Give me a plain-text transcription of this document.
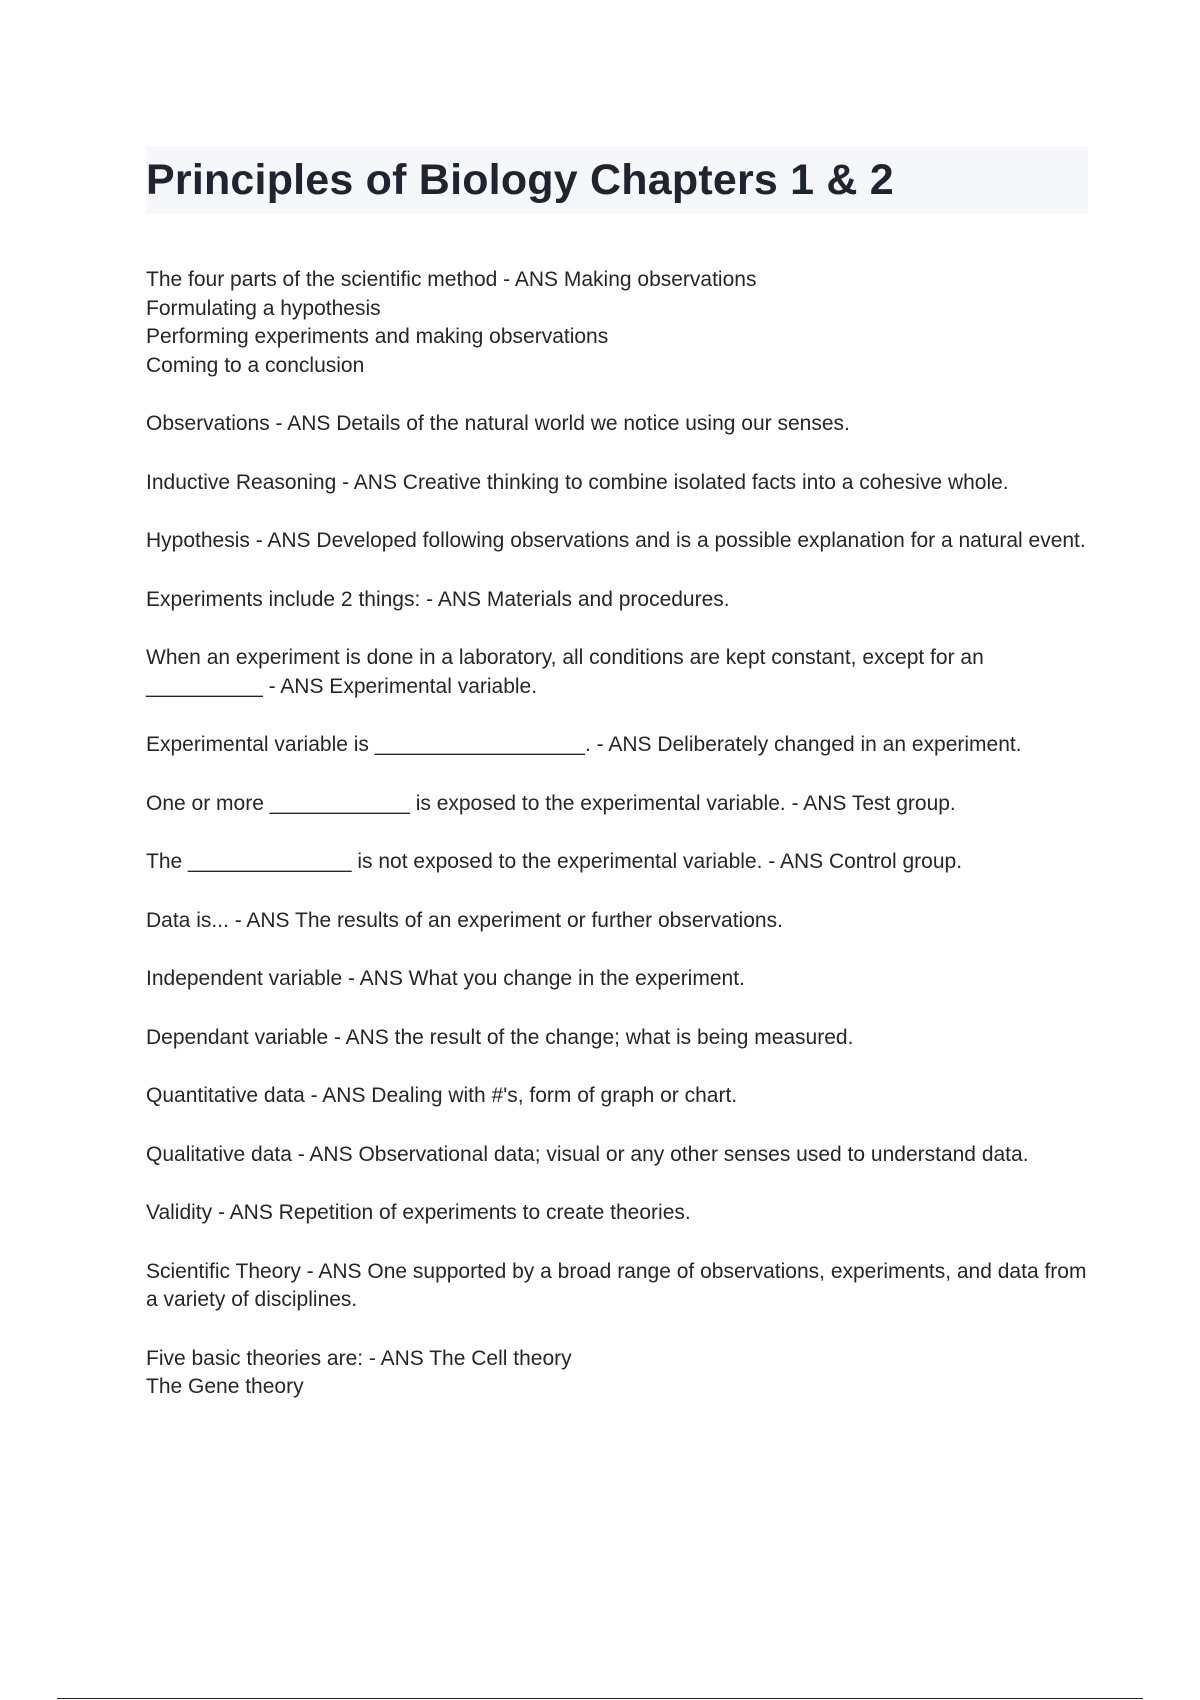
Principles of Biology Chapters 1 & 2
The four parts of the scientific method - ANS Making observations
Formulating a hypothesis
Performing experiments and making observations
Coming to a conclusion
Observations - ANS Details of the natural world we notice using our senses.
Inductive Reasoning - ANS Creative thinking to combine isolated facts into a cohesive whole.
Hypothesis - ANS Developed following observations and is a possible explanation for a natural event.
Experiments include 2 things: - ANS Materials and procedures.
When an experiment is done in a laboratory, all conditions are kept constant, except for an __________ - ANS Experimental variable.
Experimental variable is __________________. - ANS Deliberately changed in an experiment.
One or more ____________ is exposed to the experimental variable. - ANS Test group.
The ______________ is not exposed to the experimental variable. - ANS Control group.
Data is... - ANS The results of an experiment or further observations.
Independent variable - ANS What you change in the experiment.
Dependant variable - ANS the result of the change; what is being measured.
Quantitative data - ANS Dealing with #'s, form of graph or chart.
Qualitative data - ANS Observational data; visual or any other senses used to understand data.
Validity - ANS Repetition of experiments to create theories.
Scientific Theory - ANS One supported by a broad range of observations, experiments, and data from a variety of disciplines.
Five basic theories are: - ANS The Cell theory
The Gene theory
